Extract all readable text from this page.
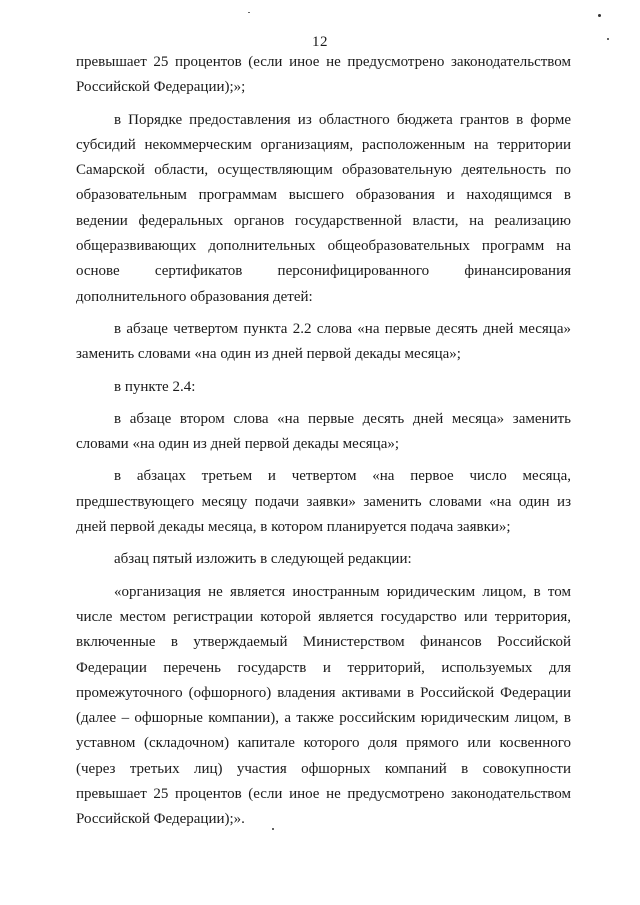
12

превышает 25 процентов (если иное не предусмотрено законодательством Российской Федерации);»;

в Порядке предоставления из областного бюджета грантов в форме субсидий некоммерческим организациям, расположенным на территории Самарской области, осуществляющим образовательную деятельность по образовательным программам высшего образования и находящимся в ведении федеральных органов государственной власти, на реализацию общеразвивающих дополнительных общеобразовательных программ на основе сертификатов персонифицированного финансирования дополнительного образования детей:

в абзаце четвертом пункта 2.2 слова «на первые десять дней месяца» заменить словами «на один из дней первой декады месяца»;

в пункте 2.4:

в абзаце втором слова «на первые десять дней месяца» заменить словами «на один из дней первой декады месяца»;

в абзацах третьем и четвертом «на первое число месяца, предшествующего месяцу подачи заявки» заменить словами «на один из дней первой декады месяца, в котором планируется подача заявки»;

абзац пятый изложить в следующей редакции:

«организация не является иностранным юридическим лицом, в том числе местом регистрации которой является государство или территория, включенные в утверждаемый Министерством финансов Российской Федерации перечень государств и территорий, используемых для промежуточного (офшорного) владения активами в Российской Федерации (далее – офшорные компании), а также российским юридическим лицом, в уставном (складочном) капитале которого доля прямого или косвенного (через третьих лиц) участия офшорных компаний в совокупности превышает 25 процентов (если иное не предусмотрено законодательством Российской Федерации);».
